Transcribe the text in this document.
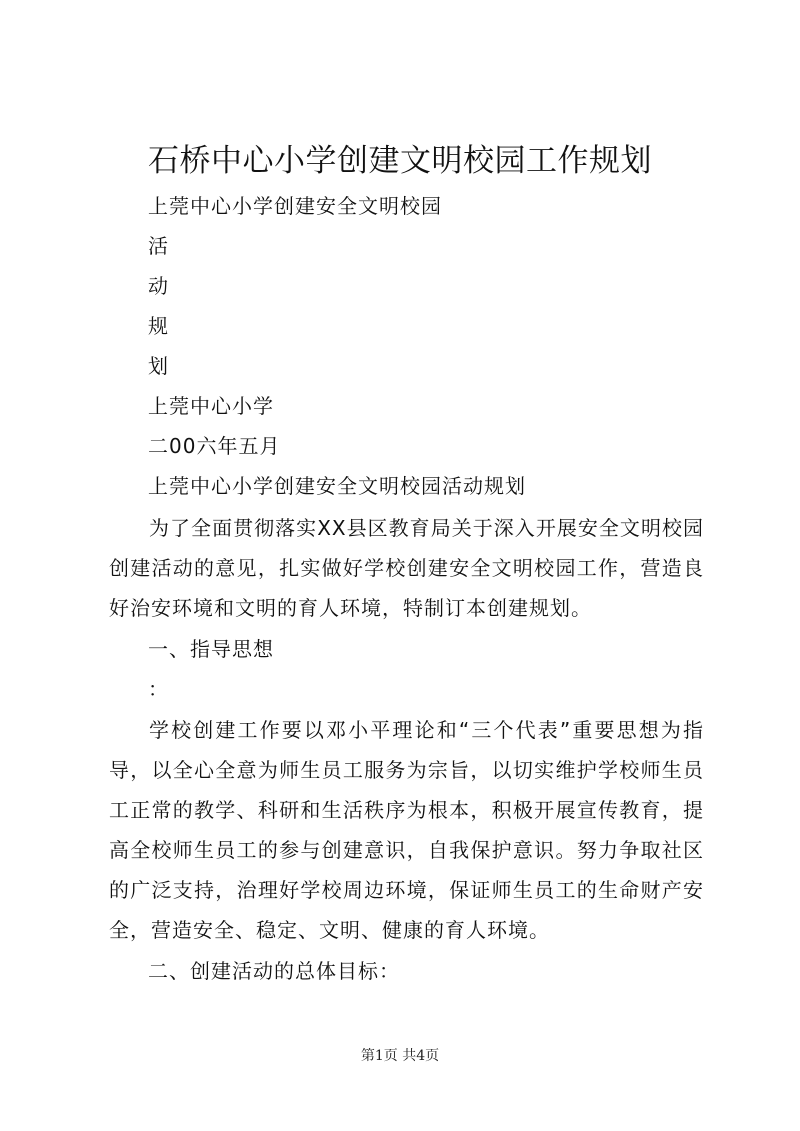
石桥中心小学创建文明校园工作规划
上莞中心小学创建安全文明校园
活
动
规
划
上莞中心小学
二00六年五月
上莞中心小学创建安全文明校园活动规划
为了全面贯彻落实XX县区教育局关于深入开展安全文明校园创建活动的意见，扎实做好学校创建安全文明校园工作，营造良好治安环境和文明的育人环境，特制订本创建规划。
一、指导思想
：
学校创建工作要以邓小平理论和“三个代表”重要思想为指导，以全心全意为师生员工服务为宗旨，以切实维护学校师生员工正常的教学、科研和生活秩序为根本，积极开展宣传教育，提高全校师生员工的参与创建意识，自我保护意识。努力争取社区的广泛支持，治理好学校周边环境，保证师生员工的生命财产安全，营造安全、稳定、文明、健康的育人环境。
二、创建活动的总体目标：
第1页 共4页
